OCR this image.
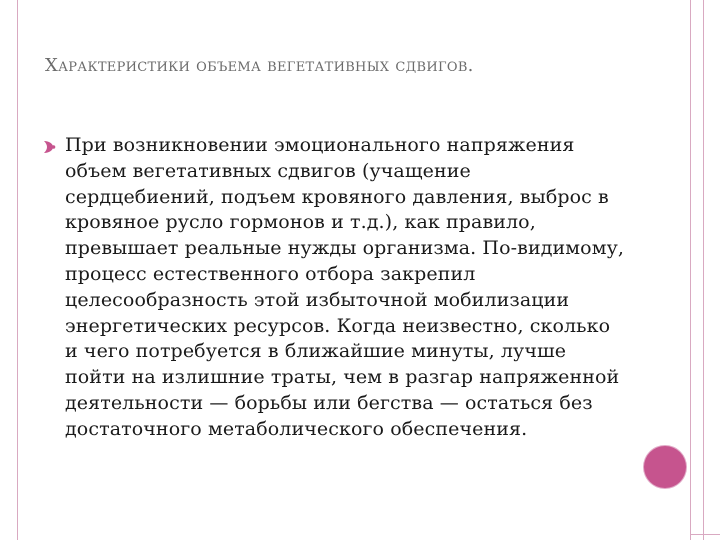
Характеристики объема вегетативных сдвигов.
При возникновении эмоционального напряжения объем вегетативных сдвигов (учащение сердцебиений, подъем кровяного давления, выброс в кровяное русло гормонов и т.д.), как правило, превышает реальные нужды организма. По-видимому, процесс естественного отбора закрепил целесообразность этой избыточной мобилизации энергетических ресурсов. Когда неизвестно, сколько и чего потребуется в ближайшие минуты, лучше пойти на излишние траты, чем в разгар напряженной деятельности — борьбы или бегства — остаться без достаточного метаболического обеспечения.
